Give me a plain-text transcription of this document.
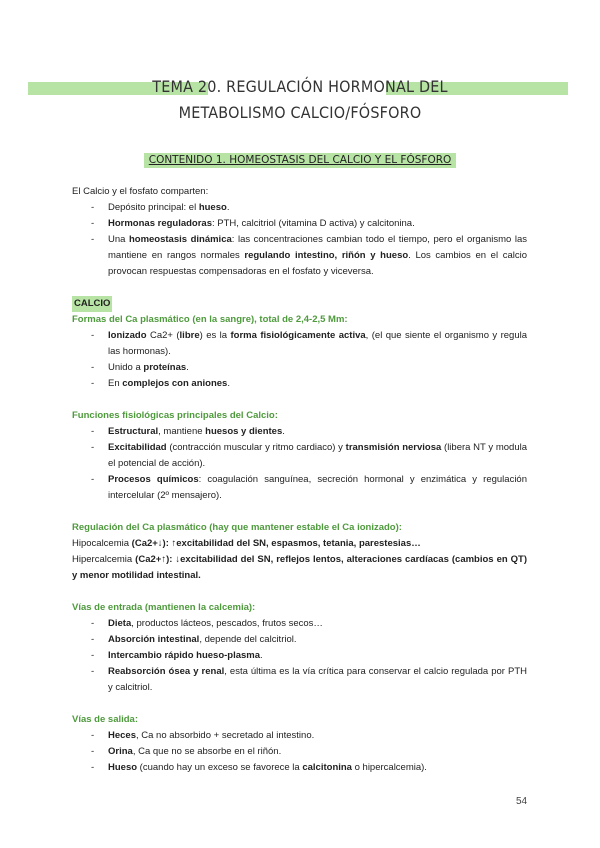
TEMA 20. REGULACIÓN HORMONAL DEL
METABOLISMO CALCIO/FÓSFORO
CONTENIDO 1. HOMEOSTASIS DEL CALCIO Y EL FÓSFORO

El Calcio y el fosfato comparten:

- Depósito principal: el hueso.
- Hormonas reguladoras: PTH, calcitriol (vitamina D activa) y calcitonina.
- Una homeostasis dinámica: las concentraciones cambian todo el tiempo, pero el organismo las mantiene en rangos normales regulando intestino, riñón y hueso. Los cambios en el calcio provocan respuestas compensadoras en el fosfato y viceversa.

CALCIO

Formas del Ca plasmático (en la sangre), total de 2,4-2,5 Mm:

- Ionizado Ca2+ (libre) es la forma fisiológicamente activa, (el que siente el organismo y regula las hormonas).
- Unido a proteínas.
- En complejos con aniones.

Funciones fisiológicas principales del Calcio:

- Estructural, mantiene huesos y dientes.
- Excitabilidad (contracción muscular y ritmo cardiaco) y transmisión nerviosa (libera NT y modula el potencial de acción).
- Procesos químicos: coagulación sanguínea, secreción hormonal y enzimática y regulación intercelular (2º mensajero).

Regulación del Ca plasmático (hay que mantener estable el Ca ionizado):

Hipocalcemia (Ca2+↓): ↑excitabilidad del SN, espasmos, tetania, parestesias…

Hipercalcemia (Ca2+↑): ↓excitabilidad del SN, reflejos lentos, alteraciones cardíacas (cambios en QT) y menor motilidad intestinal.

Vías de entrada (mantienen la calcemia):

- Dieta, productos lácteos, pescados, frutos secos…
- Absorción intestinal, depende del calcitriol.
- Intercambio rápido hueso-plasma.
- Reabsorción ósea y renal, esta última es la vía crítica para conservar el calcio regulada por PTH y calcitriol.

Vías de salida:

- Heces, Ca no absorbido + secretado al intestino.
- Orina, Ca que no se absorbe en el riñón.
- Hueso (cuando hay un exceso se favorece la calcitonina o hipercalcemia).
54
